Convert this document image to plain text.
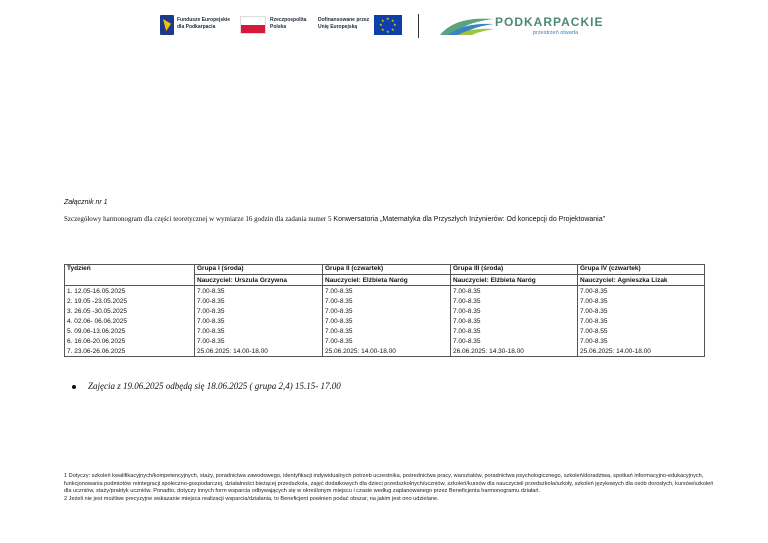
Fundusze Europejskie dla Podkarpacia
Rzeczpospolita Polska
Dofinansowane przez Unię Europejską
★ ★
★
★
★
★
★
★	PODKARPACKIE
przestrzeń otwarta
Załącznik nr 1
Szczegółowy harmonogram dla części teoretycznej w wymiarze 16 godzin dla zadania numer 5 Konwersatoria „Matematyka dla Przyszłych Inżynierów: Od koncepcji do Projektowania"
Tydzień	Grupa I (środa)	Grupa II (czwartek)	Grupa III (środa)	Grupa IV (czwartek)
	Nauczyciel: Urszula Grzywna	Nauczyciel: Elżbieta Naróg	Nauczyciel: Elżbieta Naróg	Nauczyciel: Agnieszka Lizak
1. 12.05-16.05.2025	7.00-8.35	7.00-8.35	7.00-8.35	7.00-8.35
2. 19.05 -23.05.2025	7.00-8.35	7.00-8.35	7.00-8.35	7.00-8.35
3. 26.05 -30.05.2025	7.00-8.35	7.00-8.35	7.00-8.35	7.00-8.35
4. 02.06- 06.06.2025	7.00-8.35	7.00-8.35	7.00-8.35	7.00-8.35
5. 09.06-13.06.2025	7.00-8.35	7.00-8.35	7.00-8.35	7.00-8.55
6. 16.06-20.06.2025	7.00-8.35	7.00-8.35	7.00-8.35	7.00-8.35
7. 23.06-26.06.2025	25.06.2025: 14.00-18.00	25.06.2025: 14.00-18.00	26.06.2025: 14.30-18.00	25.06.2025: 14.00-18.00
Zajęcia z 19.06.2025 odbędą się 18.06.2025 ( grupa 2,4) 15.15- 17.00

1 Dotyczy: szkoleń kwalifikacyjnych/kompetencyjnych, staży, poradnictwa zawodowego, identyfikacji indywidualnych potrzeb uczestnika, pośrednictwa pracy, warsztatów, poradnictwa psychologicznego, szkoleń/doradztwa, spotkań informacyjno-edukacyjnych, funkcjonowania podmiotów reintegracji społeczno-gospodarczej, działalności bieżącej przedszkola, zajęć dodatkowych dla dzieci przedszkolnych/uczniów, szkoleń/kursów dla nauczycieli przedszkola/szkoły, szkoleń językowych dla osób dorosłych, kursów/szkoleń dla uczniów, staży/praktyk uczniów. Ponadto, dotyczy innych form wsparcia odbywających się w określonym miejscu i czasie według zaplanowanego przez Beneficjenta harmonogramu działań.

2 Jeżeli nie jest możliwe precyzyjne wskazanie miejsca realizacji wsparcia/działania, to Beneficjent powinien podać obszar, na jakim jest ono udzielane.
